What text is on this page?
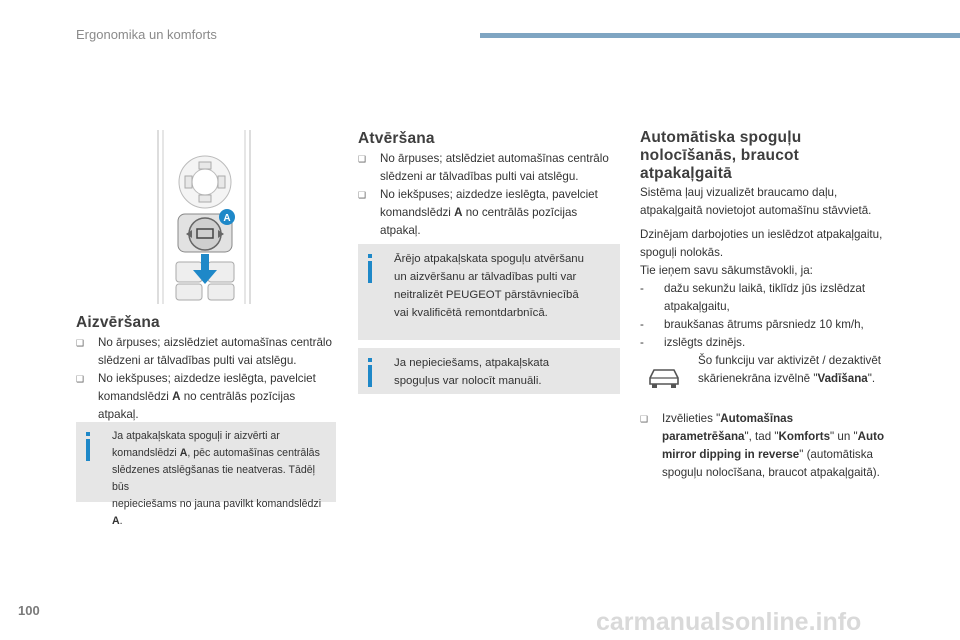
Ergonomika un komforts
A
Aizvēršana
❑	No ārpuses; aizslēdziet automašīnas centrālo
slēdzeni ar tālvadības pulti vai atslēgu.
❑	No iekšpuses; aizdedze ieslēgta, pavelciet
komandslēdzi A no centrālās pozīcijas
atpakaļ.
Ja atpakaļskata spoguļi ir aizvērti ar
komandslēdzi A, pēc automašīnas centrālās
slēdzenes atslēgšanas tie neatveras. Tādēļ būs
nepieciešams no jauna pavilkt komandslēdzi A.
Atvēršana
❑	No ārpuses; atslēdziet automašīnas centrālo
slēdzeni ar tālvadības pulti vai atslēgu.
❑	No iekšpuses; aizdedze ieslēgta, pavelciet
komandslēdzi A no centrālās pozīcijas
atpakaļ.
Ārējo atpakaļskata spoguļu atvēršanu
un aizvēršanu ar tālvadības pulti var
neitralizēt PEUGEOT pārstāvniecībā
vai kvalificētā remontdarbnīcā.
Ja nepieciešams, atpakaļskata
spoguļus var nolocīt manuāli.
Automātiska spoguļu
nolocīšanās, braucot
atpakaļgaitā
Sistēma ļauj vizualizēt braucamo daļu,
atpakaļgaitā novietojot automašīnu stāvvietā.
Dzinējam darbojoties un ieslēdzot atpakaļgaitu,
spoguļi nolokās.
Tie ieņem savu sākumstāvokli, ja:
-	dažu sekunžu laikā, tiklīdz jūs izslēdzat
atpakaļgaitu,
-	braukšanas ātrums pārsniedz 10 km/h,
-	izslēgts dzinējs.
Šo funkciju var aktivizēt / dezaktivēt
skārienekrāna izvēlnē "Vadīšana".
❑	Izvēlieties "Automašīnas
parametrēšana", tad "Komforts" un "Auto
mirror dipping in reverse" (automātiska
spoguļu nolocīšana, braucot atpakaļgaitā).
100	carmanualsonline.info
